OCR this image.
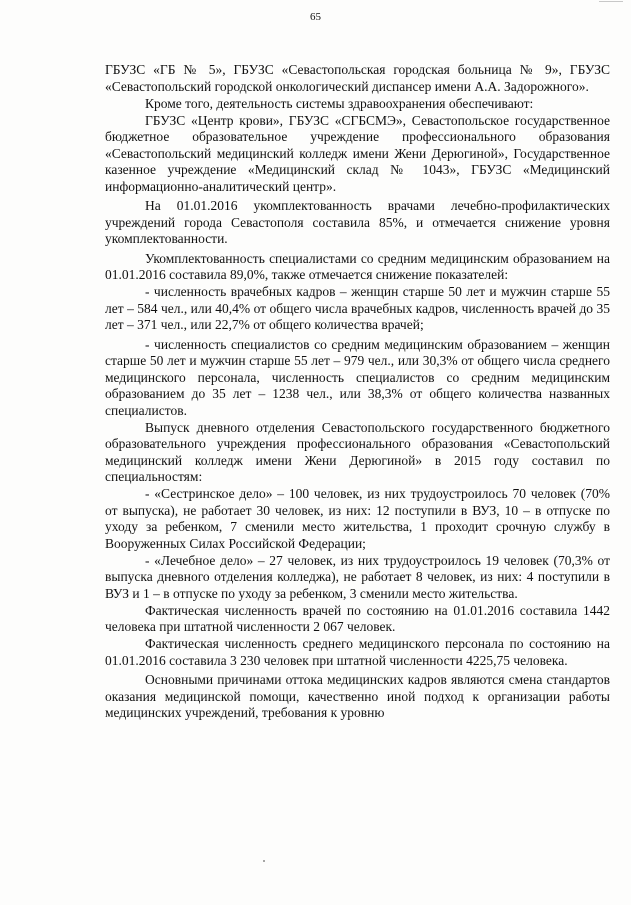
65

ГБУЗС «ГБ № 5», ГБУЗС «Севастопольская городская больница № 9», ГБУЗС «Севастопольский городской онкологический диспансер имени А.А. Задорожного».

Кроме того, деятельность системы здравоохранения обеспечивают:

ГБУЗС «Центр крови», ГБУЗС «СГБСМЭ», Севастопольское государственное бюджетное образовательное учреждение профессионального образования «Севастопольский медицинский колледж имени Жени Дерюгиной», Государственное казенное учреждение «Медицинский склад № 1043», ГБУЗС «Медицинский информационно-аналитический центр».

На 01.01.2016 укомплектованность врачами лечебно-профилактических учреждений города Севастополя составила 85%, и отмечается снижение уровня укомплектованности.

Укомплектованность специалистами со средним медицинским образованием на 01.01.2016 составила 89,0%, также отмечается снижение показателей:

- численность врачебных кадров – женщин старше 50 лет и мужчин старше 55 лет – 584 чел., или 40,4% от общего числа врачебных кадров, численность врачей до 35 лет – 371 чел., или 22,7% от общего количества врачей;

- численность специалистов со средним медицинским образованием – женщин старше 50 лет и мужчин старше 55 лет – 979 чел., или 30,3% от общего числа среднего медицинского персонала, численность специалистов со средним медицинским образованием до 35 лет – 1238 чел., или 38,3% от общего количества названных специалистов.

Выпуск дневного отделения Севастопольского государственного бюджетного образовательного учреждения профессионального образования «Севастопольский медицинский колледж имени Жени Дерюгиной» в 2015 году составил по специальностям:

- «Сестринское дело» – 100 человек, из них трудоустроилось 70 человек (70% от выпуска), не работает 30 человек, из них: 12 поступили в ВУЗ, 10 – в отпуске по уходу за ребенком, 7 сменили место жительства, 1 проходит срочную службу в Вооруженных Силах Российской Федерации;

- «Лечебное дело» – 27 человек, из них трудоустроилось 19 человек (70,3% от выпуска дневного отделения колледжа), не работает 8 человек, из них: 4 поступили в ВУЗ и 1 – в отпуске по уходу за ребенком, 3 сменили место жительства.

Фактическая численность врачей по состоянию на 01.01.2016 составила 1442 человека при штатной численности 2 067 человек.

Фактическая численность среднего медицинского персонала по состоянию на 01.01.2016 составила 3 230 человек при штатной численности 4225,75 человека.

Основными причинами оттока медицинских кадров являются смена стандартов оказания медицинской помощи, качественно иной подход к организации работы медицинских учреждений, требования к уровню
